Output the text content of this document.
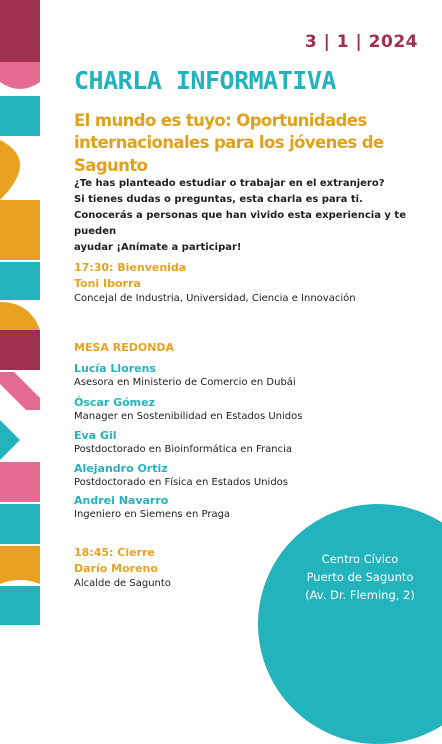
3 | 1 | 2024
CHARLA INFORMATIVA
El mundo es tuyo: Oportunidades internacionales para los jóvenes de Sagunto

¿Te has planteado estudiar o trabajar en el extranjero?
Si tienes dudas o preguntas, esta charla es para ti.
Conocerás a personas que han vivido esta experiencia y te pueden
ayudar ¡Anímate a participar!

17:30: Bienvenida
Toni Iborra
Concejal de Industria, Universidad, Ciencia e Innovación
MESA REDONDA
Lucía Llorens
Asesora en Ministerio de Comercio en Dubái
Óscar Gómez
Manager en Sostenibilidad en Estados Unidos
Eva Gil
Postdoctorado en Bioinformática en Francia
Alejandro Ortiz
Postdoctorado en Física en Estados Unidos
Andrei Navarro
Ingeniero en Siemens en Praga
18:45: Cierre
Darío Moreno
Alcalde de Sagunto
Centro Cívico
Puerto de Sagunto
(Av. Dr. Fleming, 2)
